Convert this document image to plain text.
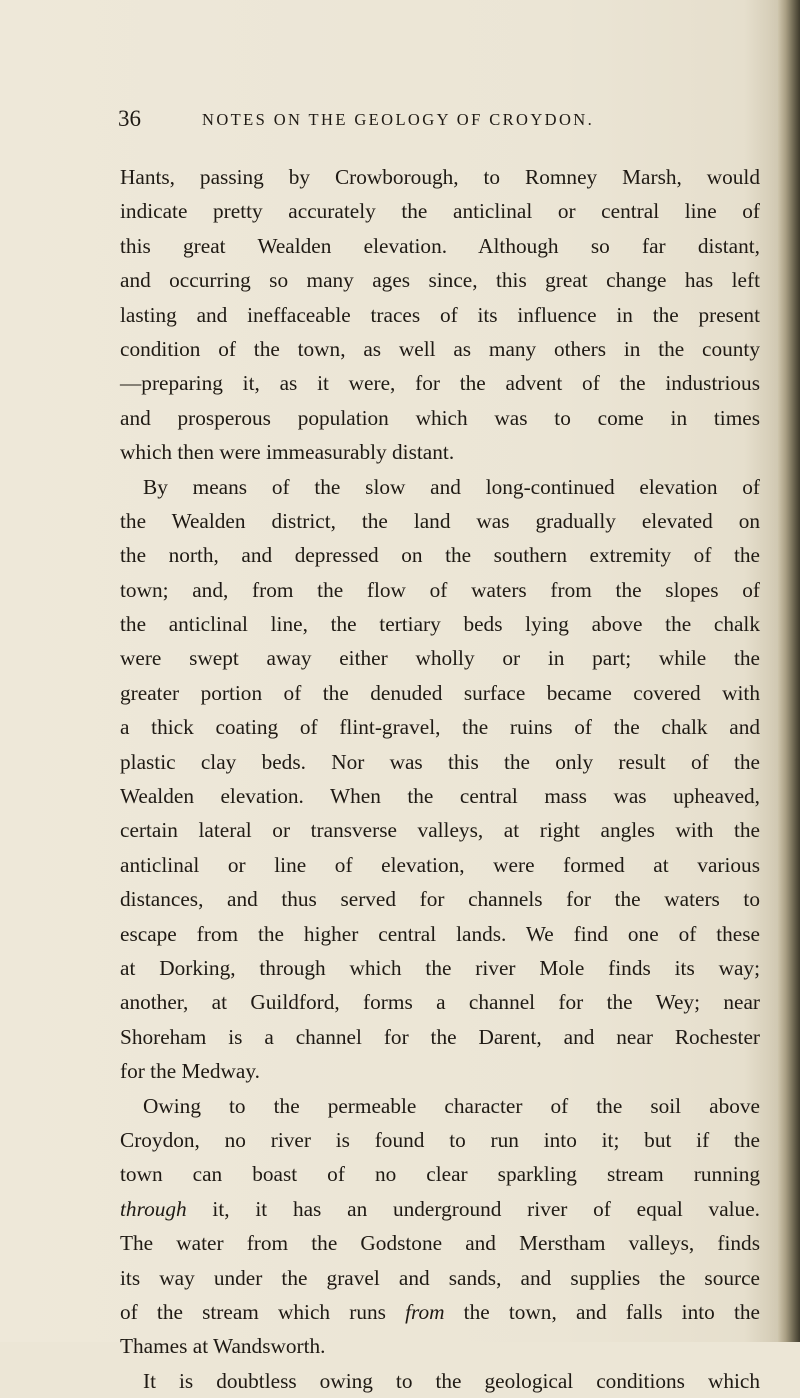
36	NOTES ON THE GEOLOGY OF CROYDON.
Hants, passing by Crowborough, to Romney Marsh, would
indicate pretty accurately the anticlinal or central line of
this great Wealden elevation. Although so far distant,
and occurring so many ages since, this great change has left
lasting and ineffaceable traces of its influence in the present
condition of the town, as well as many others in the county
—preparing it, as it were, for the advent of the industrious
and prosperous population which was to come in times
which then were immeasurably distant.
By means of the slow and long-continued elevation of
the Wealden district, the land was gradually elevated on
the north, and depressed on the southern extremity of the
town; and, from the flow of waters from the slopes of
the anticlinal line, the tertiary beds lying above the chalk
were swept away either wholly or in part; while the
greater portion of the denuded surface became covered with
a thick coating of flint-gravel, the ruins of the chalk and
plastic clay beds. Nor was this the only result of the
Wealden elevation. When the central mass was upheaved,
certain lateral or transverse valleys, at right angles with the
anticlinal or line of elevation, were formed at various
distances, and thus served for channels for the waters to
escape from the higher central lands. We find one of these
at Dorking, through which the river Mole finds its way;
another, at Guildford, forms a channel for the Wey; near
Shoreham is a channel for the Darent, and near Rochester
for the Medway.
Owing to the permeable character of the soil above
Croydon, no river is found to run into it; but if the
town can boast of no clear sparkling stream running
through it, it has an underground river of equal value.
The water from the Godstone and Merstham valleys, finds
its way under the gravel and sands, and supplies the source
of the stream which runs from the town, and falls into the
Thames at Wandsworth.
It is doubtless owing to the geological conditions which
